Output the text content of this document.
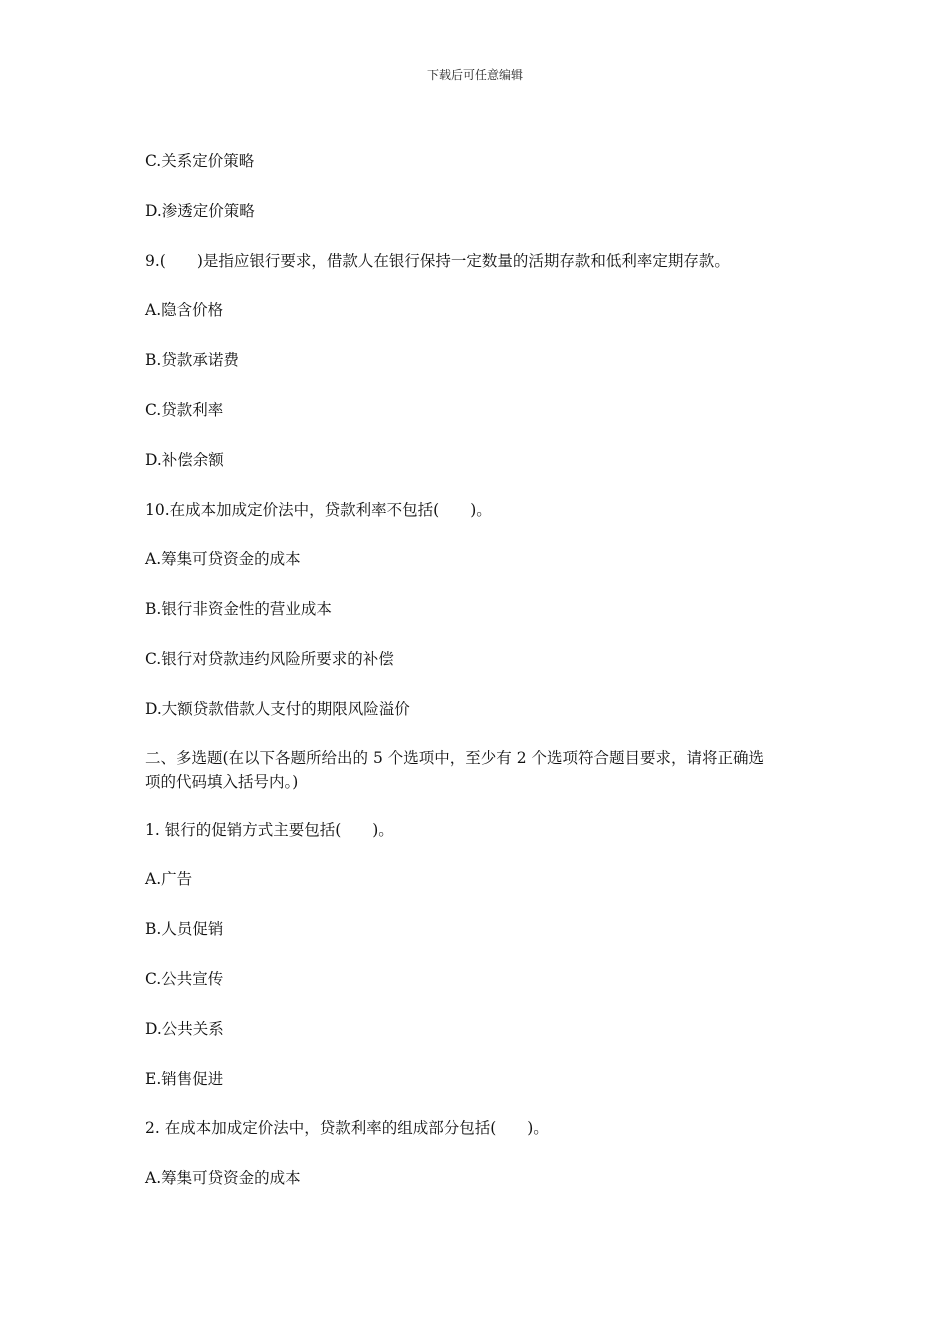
下载后可任意编辑
C.关系定价策略
D.渗透定价策略
9.(　　)是指应银行要求，借款人在银行保持一定数量的活期存款和低利率定期存款。
A.隐含价格
B.贷款承诺费
C.贷款利率
D.补偿余额
10.在成本加成定价法中，贷款利率不包括(　　)。
A.筹集可贷资金的成本
B.银行非资金性的营业成本
C.银行对贷款违约风险所要求的补偿
D.大额贷款借款人支付的期限风险溢价
二、多选题(在以下各题所给出的 5 个选项中，至少有 2 个选项符合题目要求，请将正确选
项的代码填入括号内。)
1. 银行的促销方式主要包括(　　)。
A.广告
B.人员促销
C.公共宣传
D.公共关系
E.销售促进
2. 在成本加成定价法中，贷款利率的组成部分包括(　　)。
A.筹集可贷资金的成本
